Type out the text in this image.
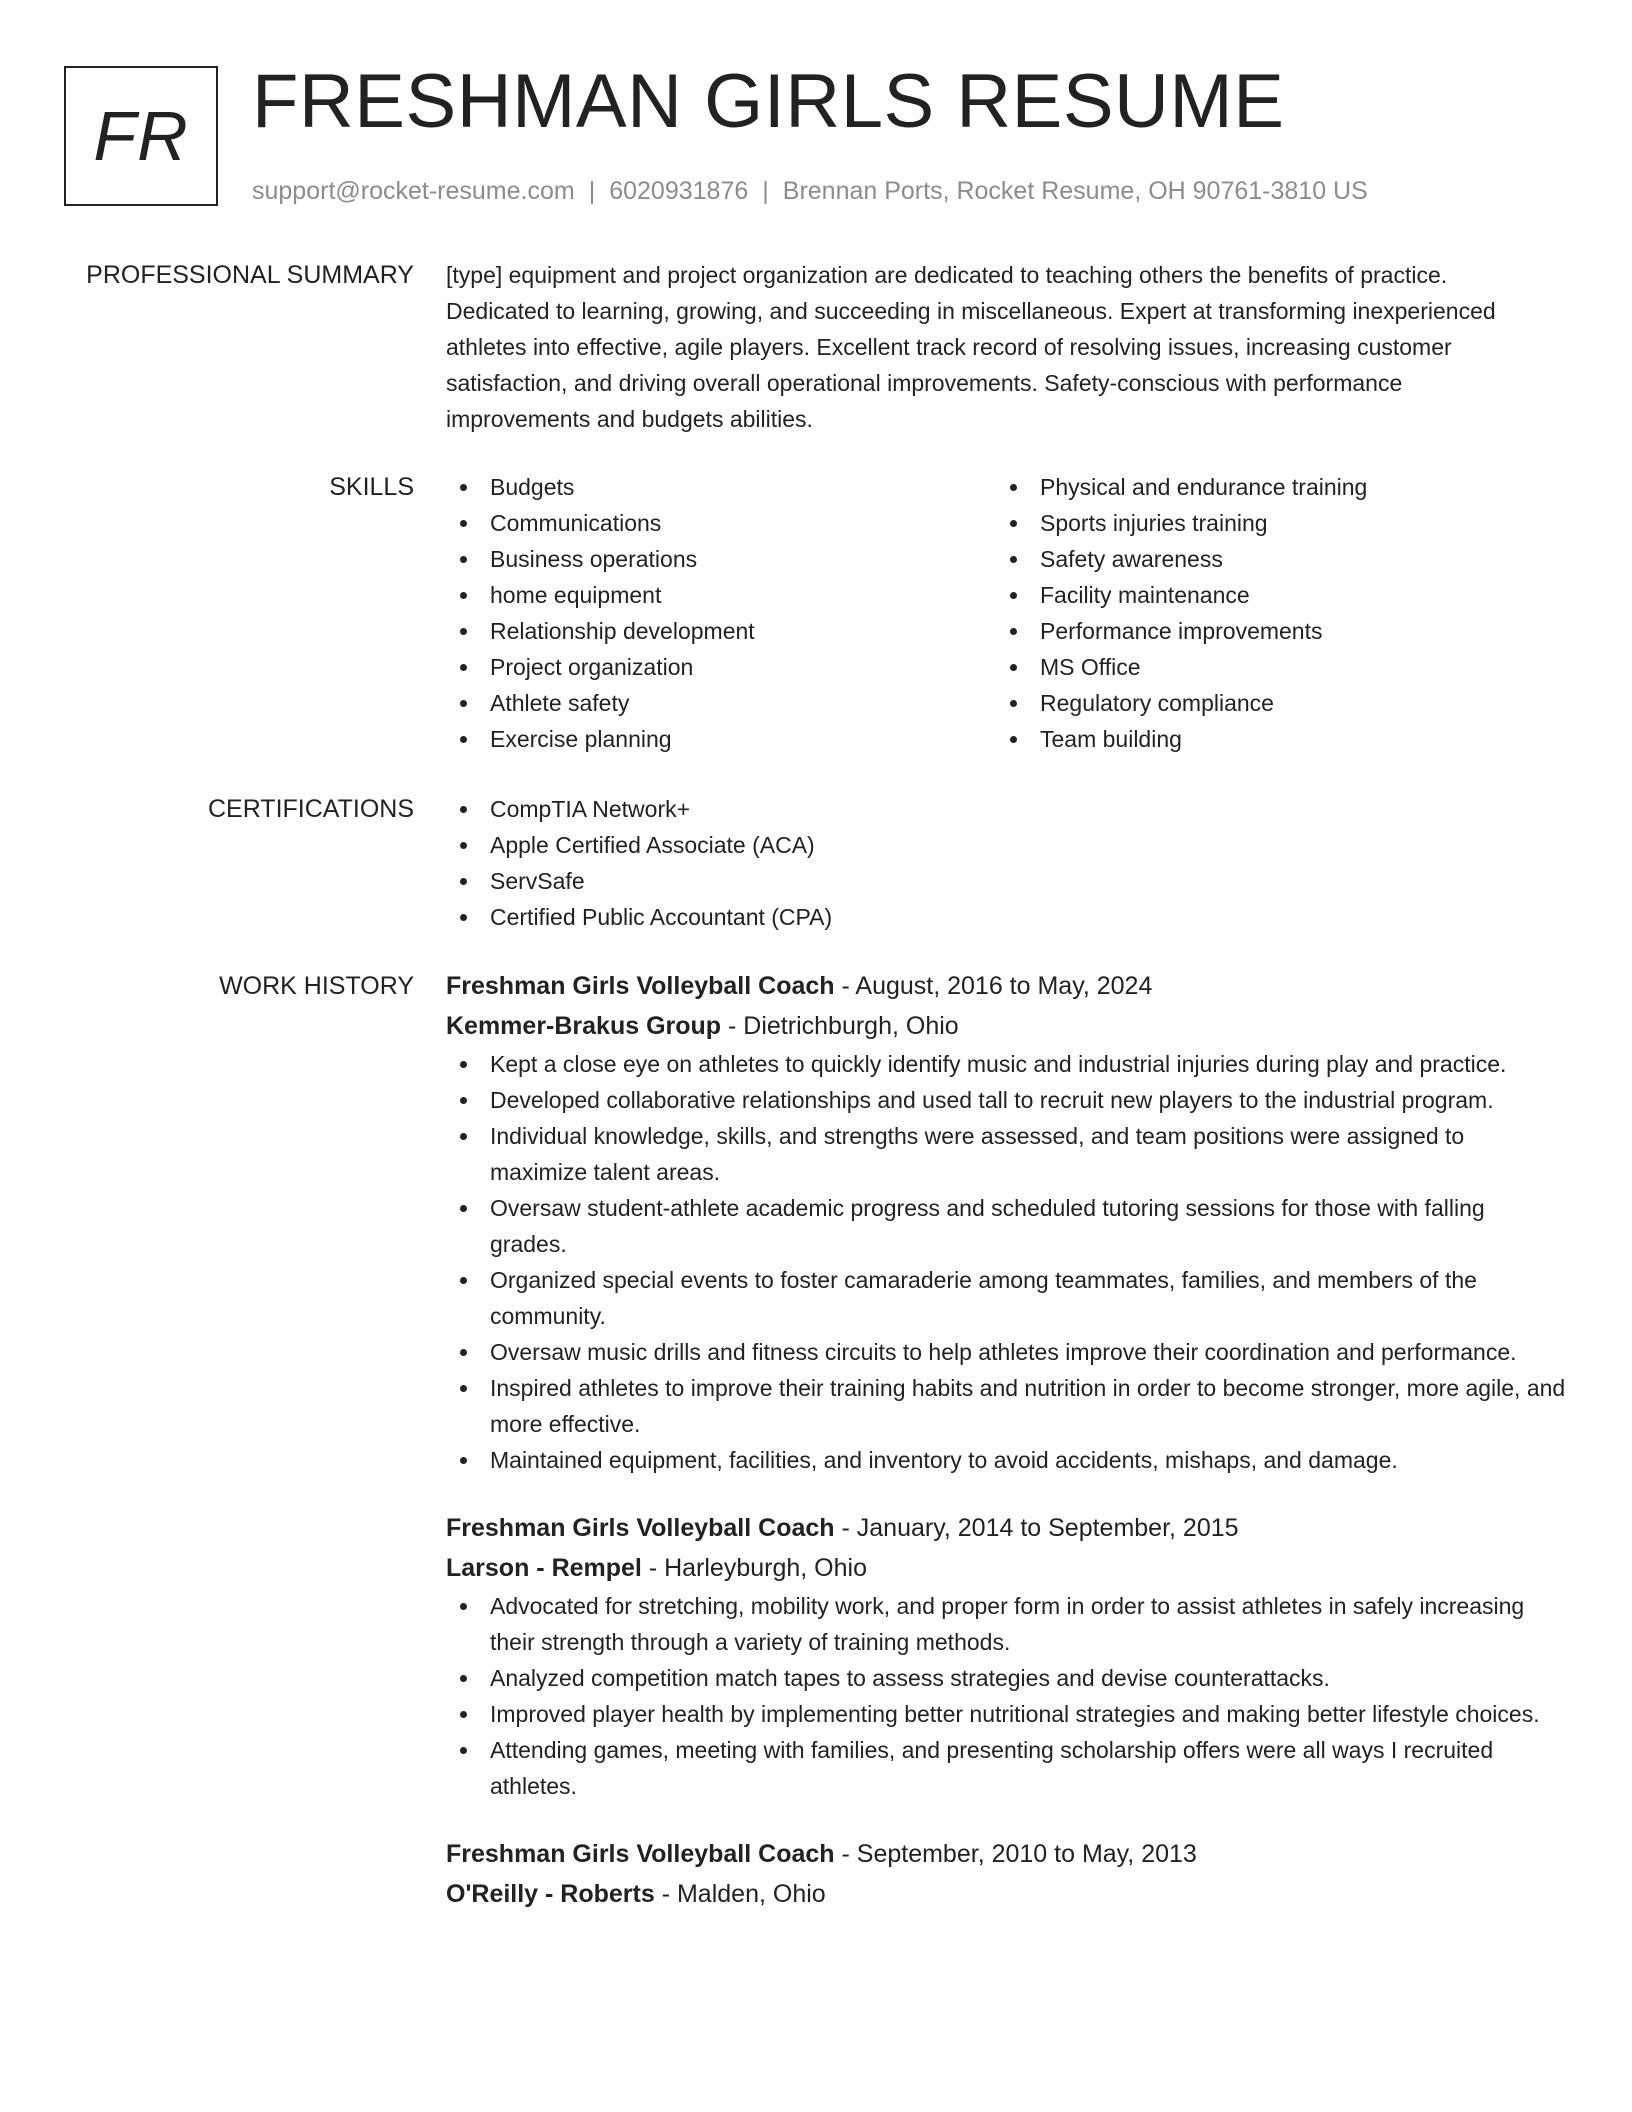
FR FRESHMAN GIRLS RESUME
support@rocket-resume.com | 6020931876 | Brennan Ports, Rocket Resume, OH 90761-3810 US
PROFESSIONAL SUMMARY [type] equipment and project organization are dedicated to teaching others the benefits of practice. Dedicated to learning, growing, and succeeding in miscellaneous. Expert at transforming inexperienced athletes into effective, agile players. Excellent track record of resolving issues, increasing customer satisfaction, and driving overall operational improvements. Safety-conscious with performance improvements and budgets abilities.

SKILLS	Budgets
Communications
Business operations
home equipment
Relationship development
Project organization
Athlete safety
Exercise planning
Physical and endurance training
Sports injuries training
Safety awareness
Facility maintenance
Performance improvements
MS Office
Regulatory compliance
Team building
CERTIFICATIONS	CompTIA Network+
Apple Certified Associate (ACA)
ServSafe
Certified Public Accountant (CPA)
WORK HISTORY Freshman Girls Volleyball Coach - August, 2016 to May, 2024

Kemmer-Brakus Group - Dietrichburgh, Ohio

Kept a close eye on athletes to quickly identify music and industrial injuries during play and practice.
Developed collaborative relationships and used tall to recruit new players to the industrial program.
Individual knowledge, skills, and strengths were assessed, and team positions were assigned to maximize talent areas.
Oversaw student-athlete academic progress and scheduled tutoring sessions for those with falling grades.
Organized special events to foster camaraderie among teammates, families, and members of the community.
Oversaw music drills and fitness circuits to help athletes improve their coordination and performance.
Inspired athletes to improve their training habits and nutrition in order to become stronger, more agile, and more effective.
Maintained equipment, facilities, and inventory to avoid accidents, mishaps, and damage.

Freshman Girls Volleyball Coach - January, 2014 to September, 2015

Larson - Rempel - Harleyburgh, Ohio

Advocated for stretching, mobility work, and proper form in order to assist athletes in safely increasing their strength through a variety of training methods.
Analyzed competition match tapes to assess strategies and devise counterattacks.
Improved player health by implementing better nutritional strategies and making better lifestyle choices.
Attending games, meeting with families, and presenting scholarship offers were all ways I recruited athletes.

Freshman Girls Volleyball Coach - September, 2010 to May, 2013

O'Reilly - Roberts - Malden, Ohio
